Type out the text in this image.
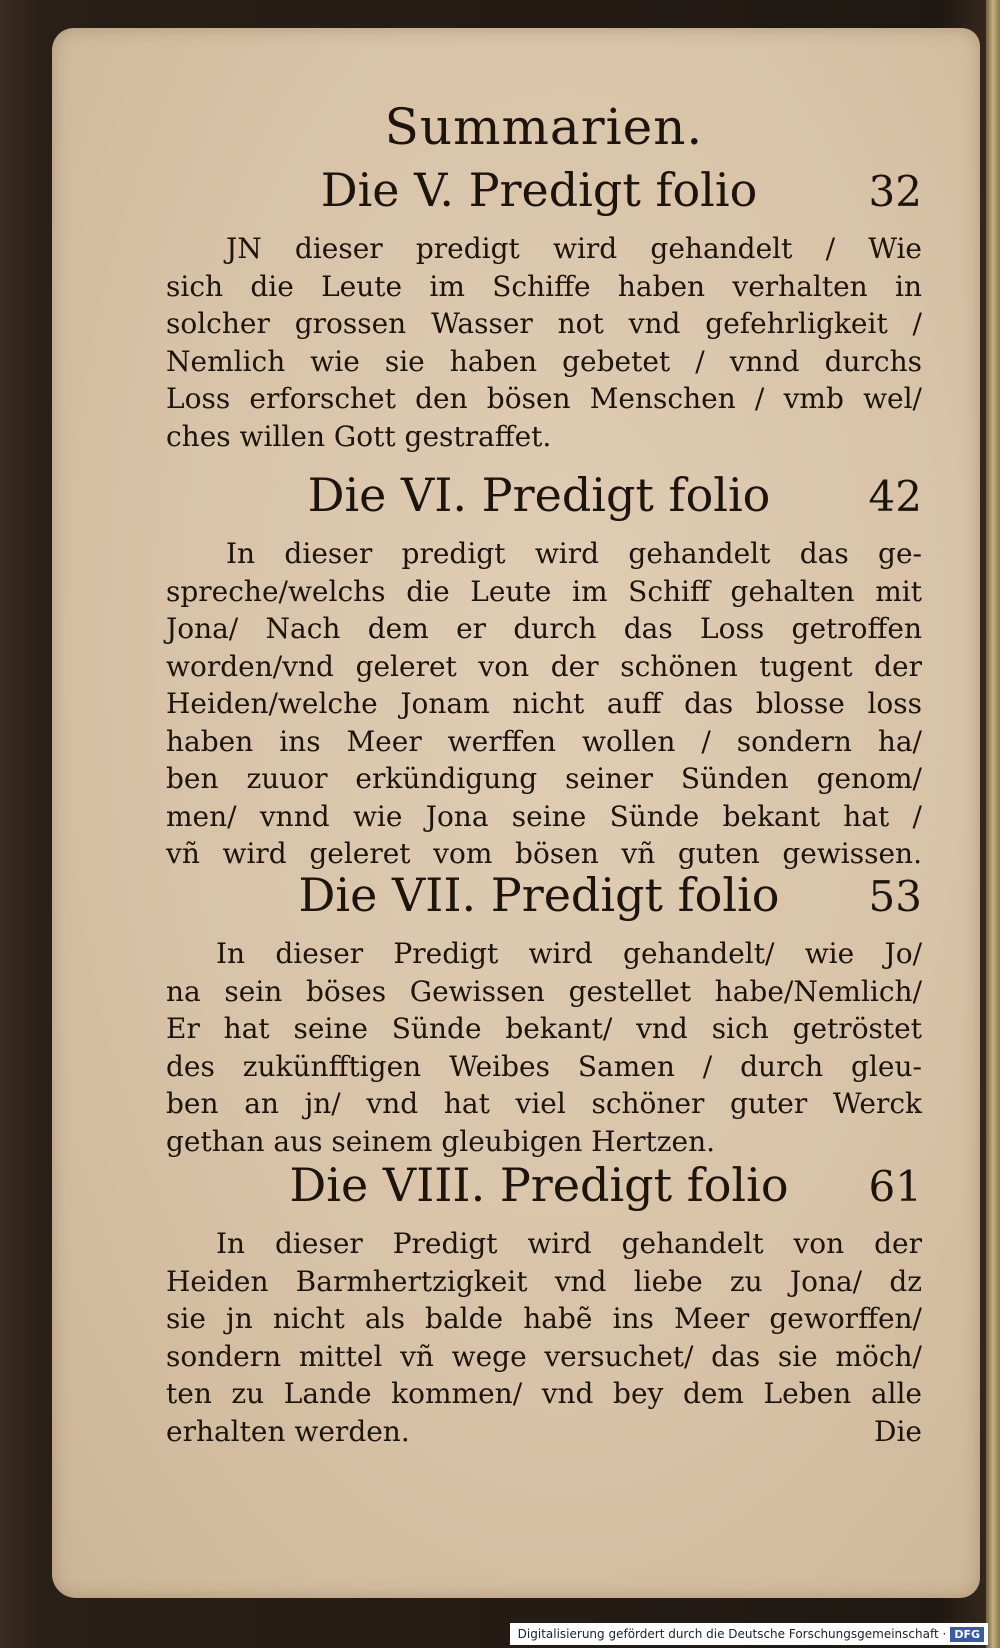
Summarien.
Die V. Predigt folio	32

JN dieser predigt wird gehandelt / Wie
sich die Leute im Schiffe haben verhalten in
solcher grossen Wasser not vnd gefehrligkeit /
Nemlich wie sie haben gebetet / vnnd durchs
Loss erforschet den bösen Menschen / vmb wel/
ches willen Gott gestraffet.

Die VI. Predigt folio	42

In dieser predigt wird gehandelt das ge-
spreche/welchs die Leute im Schiff gehalten mit
Jona/ Nach dem er durch das Loss getroffen
worden/vnd geleret von der schönen tugent der
Heiden/welche Jonam nicht auff das blosse loss
haben ins Meer werffen wollen / sondern ha/
ben zuuor erkündigung seiner Sünden genom/
men/ vnnd wie Jona seine Sünde bekant hat /
vñ wird geleret vom bösen vñ guten gewissen.

Die VII. Predigt folio	53

In dieser Predigt wird gehandelt/ wie Jo/
na sein böses Gewissen gestellet habe/Nemlich/
Er hat seine Sünde bekant/ vnd sich getröstet
des zukünfftigen Weibes Samen / durch gleu-
ben an jn/ vnd hat viel schöner guter Werck
gethan aus seinem gleubigen Hertzen.

Die VIII. Predigt folio	61

In dieser Predigt wird gehandelt von der
Heiden Barmhertzigkeit vnd liebe zu Jona/ dz
sie jn nicht als balde habẽ ins Meer geworffen/
sondern mittel vñ wege versuchet/ das sie möch/
ten zu Lande kommen/ vnd bey dem Leben alle

erhalten werden.	Die
Digitalisierung gefördert durch die Deutsche Forschungsgemeinschaft · DFG
